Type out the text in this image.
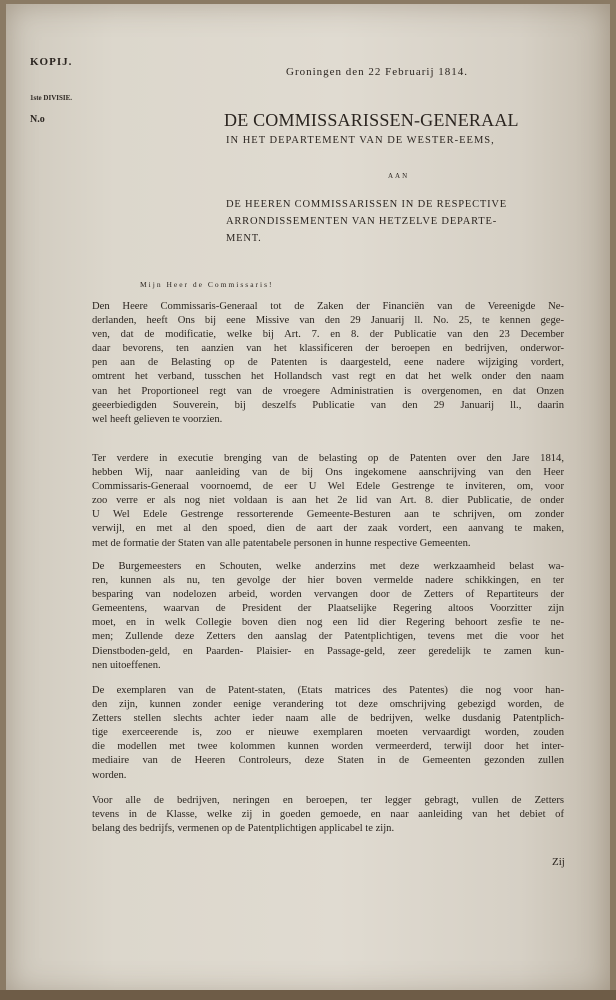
KOPIJ.
1ste DIVISIE.
N.o
Groningen den 22 Februarij 1814.
DE COMMISSARISSEN-GENERAAL
IN HET DEPARTEMENT VAN DE WESTER-EEMS,
AAN
DE HEEREN COMMISSARISSEN IN DE RESPECTIVE
ARRONDISSEMENTEN VAN HETZELVE DEPARTE-
MENT.
Mijn Heer de Commissaris!
Den Heere Commissaris-Generaal tot de Zaken der Financiën van de Vereenigde Ne-
derlanden, heeft Ons bij eene Missive van den 29 Januarij ll. No. 25, te kennen gege-
ven, dat de modificatie, welke bij Art. 7. en 8. der Publicatie van den 23 December
daar bevorens, ten aanzien van het klassificeren der beroepen en bedrijven, onderwor-
pen aan de Belasting op de Patenten is daargesteld, eene nadere wijziging vordert,
omtrent het verband, tusschen het Hollandsch vast regt en dat het welk onder den naam
van het Proportioneel regt van de vroegere Administratien is overgenomen, en dat Onzen
geeerbiedigden Souverein, bij deszelfs Publicatie van den 29 Januarij ll., daarin
wel heeft gelieven te voorzien.
Ter verdere in executie brenging van de belasting op de Patenten over den Jare 1814,
hebben Wij, naar aanleiding van de bij Ons ingekomene aanschrijving van den Heer
Commissaris-Generaal voornoemd, de eer U Wel Edele Gestrenge te inviteren, om, voor
zoo verre er als nog niet voldaan is aan het 2e lid van Art. 8. dier Publicatie, de onder
U Wel Edele Gestrenge ressorterende Gemeente-Besturen aan te schrijven, om zonder
verwijl, en met al den spoed, dien de aart der zaak vordert, een aanvang te maken,
met de formatie der Staten van alle patentabele personen in hunne respective Gemeenten.
De Burgemeesters en Schouten, welke anderzins met deze werkzaamheid belast wa-
ren, kunnen als nu, ten gevolge der hier boven vermelde nadere schikkingen, en ter
besparing van nodelozen arbeid, worden vervangen door de Zetters of Repartiteurs der
Gemeentens, waarvan de President der Plaatselijke Regering altoos Voorzitter zijn
moet, en in welk Collegie boven dien nog een lid dier Regering behoort zesfie te ne-
men; Zullende deze Zetters den aanslag der Patentplichtigen, tevens met die voor het
Dienstboden-geld, en Paarden- Plaisier- en Passage-geld, zeer geredelijk te zamen kun-
nen uitoeffenen.
De exemplaren van de Patent-staten, (Etats matrices des Patentes) die nog voor han-
den zijn, kunnen zonder eenige verandering tot deze omschrijving gebezigd worden, de
Zetters stellen slechts achter ieder naam alle de bedrijven, welke dusdanig Patentplich-
tige exerceerende is, zoo er nieuwe exemplaren moeten vervaardigt worden, zouden
die modellen met twee kolommen kunnen worden vermeerderd, terwijl door het inter-
mediaire van de Heeren Controleurs, deze Staten in de Gemeenten gezonden zullen
worden.
Voor alle de bedrijven, neringen en beroepen, ter legger gebragt, vullen de Zetters
tevens in de Klasse, welke zij in goeden gemoede, en naar aanleiding van het debiet of
belang des bedrijfs, vermenen op de Patentplichtigen applicabel te zijn.
Zij
